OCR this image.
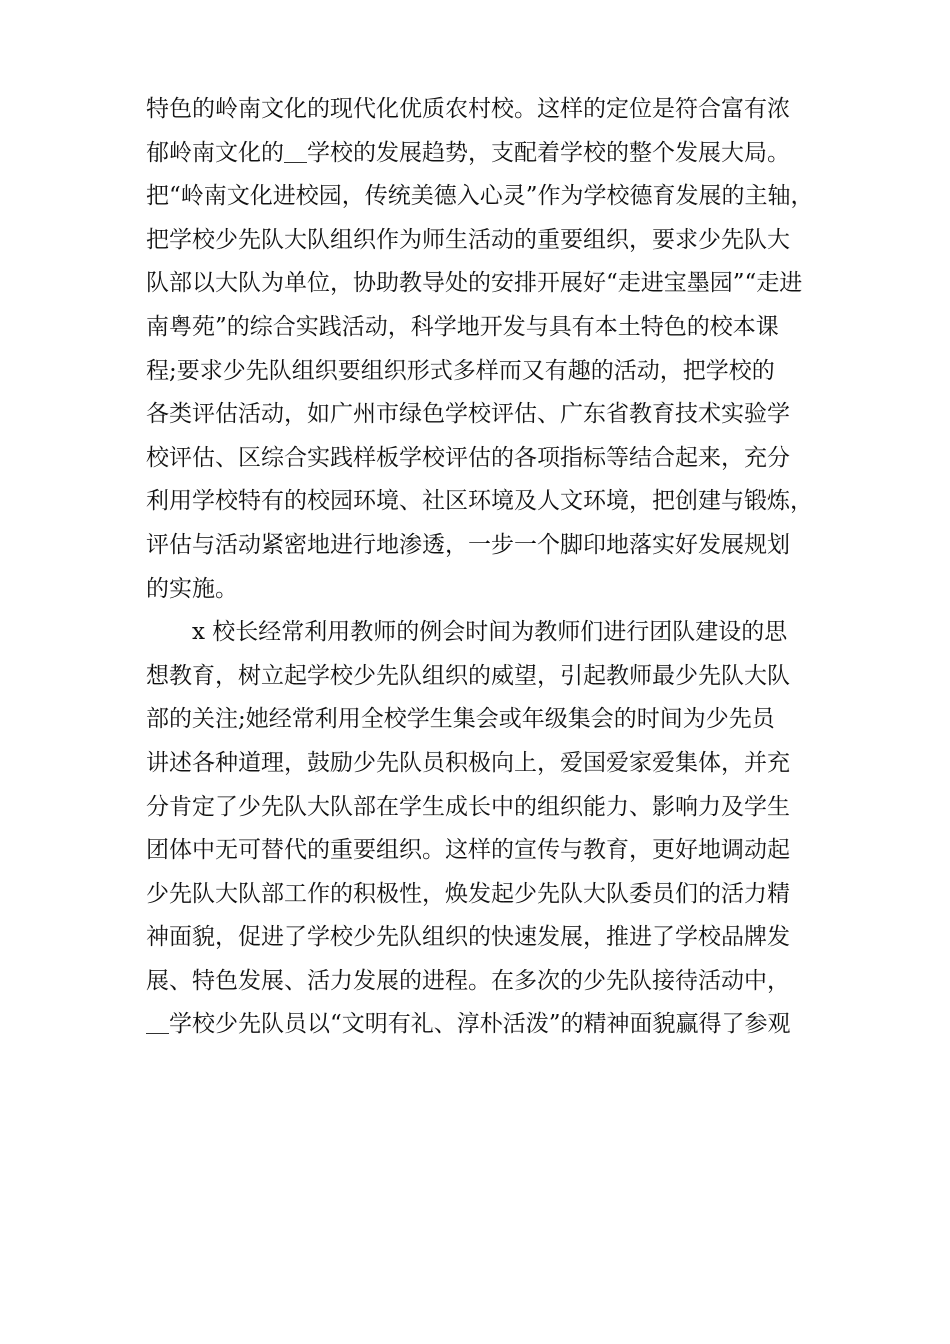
特色的岭南文化的现代化优质农村校。这样的定位是符合富有浓
郁岭南文化的＿学校的发展趋势，支配着学校的整个发展大局。
把“岭南文化进校园，传统美德入心灵”作为学校德育发展的主轴，
把学校少先队大队组织作为师生活动的重要组织，要求少先队大
队部以大队为单位，协助教导处的安排开展好“走进宝墨园”“走进
南粤苑”的综合实践活动，科学地开发与具有本土特色的校本课
程;要求少先队组织要组织形式多样而又有趣的活动，把学校的
各类评估活动，如广州市绿色学校评估、广东省教育技术实验学
校评估、区综合实践样板学校评估的各项指标等结合起来，充分
利用学校特有的校园环境、社区环境及人文环境，把创建与锻炼，
评估与活动紧密地进行地渗透，一步一个脚印地落实好发展规划
的实施。
x 校长经常利用教师的例会时间为教师们进行团队建设的思
想教育，树立起学校少先队组织的威望，引起教师最少先队大队
部的关注;她经常利用全校学生集会或年级集会的时间为少先员
讲述各种道理，鼓励少先队员积极向上，爱国爱家爱集体，并充
分肯定了少先队大队部在学生成长中的组织能力、影响力及学生
团体中无可替代的重要组织。这样的宣传与教育，更好地调动起
少先队大队部工作的积极性，焕发起少先队大队委员们的活力精
神面貌，促进了学校少先队组织的快速发展，推进了学校品牌发
展、特色发展、活力发展的进程。在多次的少先队接待活动中，
＿学校少先队员以“文明有礼、淳朴活泼”的精神面貌赢得了参观
